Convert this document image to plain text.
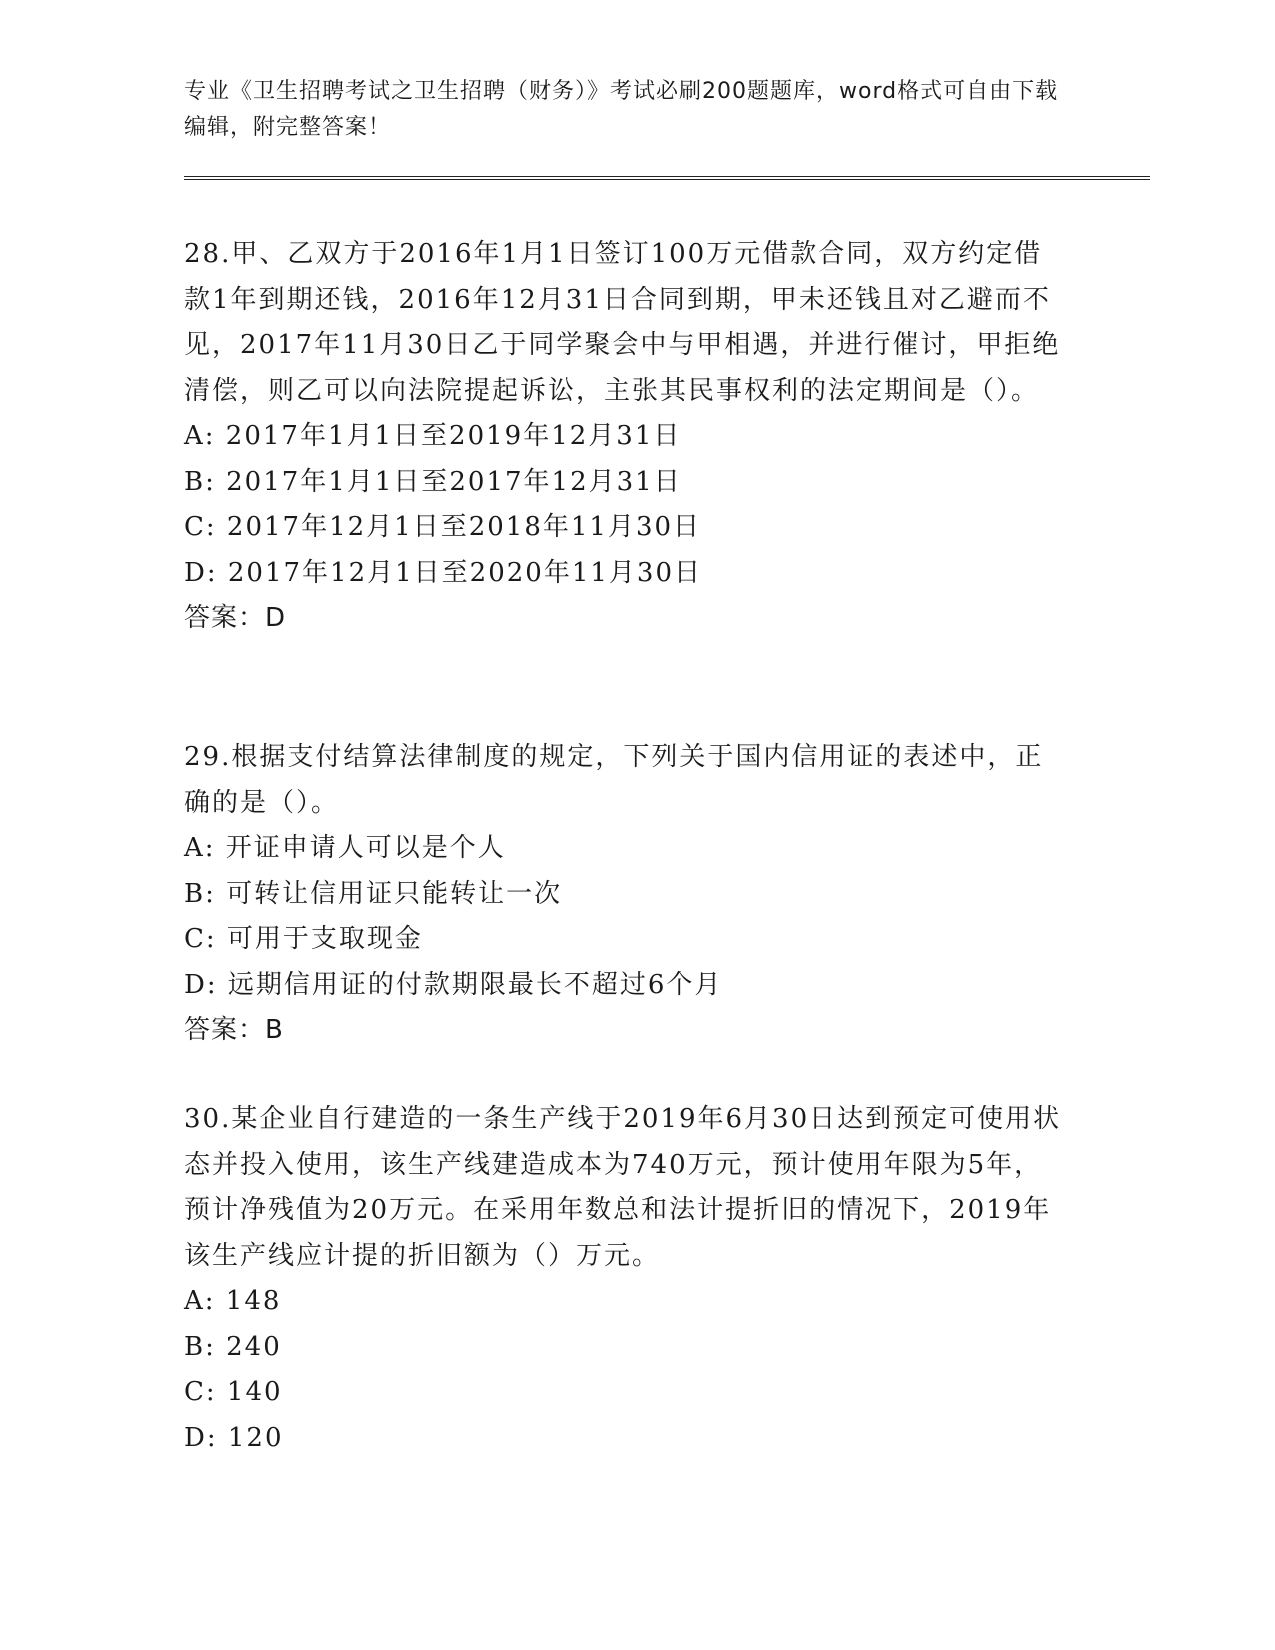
专业《卫生招聘考试之卫生招聘（财务）》考试必刷200题题库，word格式可自由下载编辑，附完整答案！
28.甲、乙双方于2016年1月1日签订100万元借款合同，双方约定借款1年到期还钱，2016年12月31日合同到期，甲未还钱且对乙避而不见，2017年11月30日乙于同学聚会中与甲相遇，并进行催讨，甲拒绝清偿，则乙可以向法院提起诉讼，主张其民事权利的法定期间是（）。
A: 2017年1月1日至2019年12月31日
B: 2017年1月1日至2017年12月31日
C: 2017年12月1日至2018年11月30日
D: 2017年12月1日至2020年11月30日
答案：D
29.根据支付结算法律制度的规定，下列关于国内信用证的表述中，正确的是（）。
A: 开证申请人可以是个人
B: 可转让信用证只能转让一次
C: 可用于支取现金
D: 远期信用证的付款期限最长不超过6个月
答案：B
30.某企业自行建造的一条生产线于2019年6月30日达到预定可使用状态并投入使用，该生产线建造成本为740万元，预计使用年限为5年，预计净残值为20万元。在采用年数总和法计提折旧的情况下，2019年该生产线应计提的折旧额为（）万元。
A: 148
B: 240
C: 140
D: 120
